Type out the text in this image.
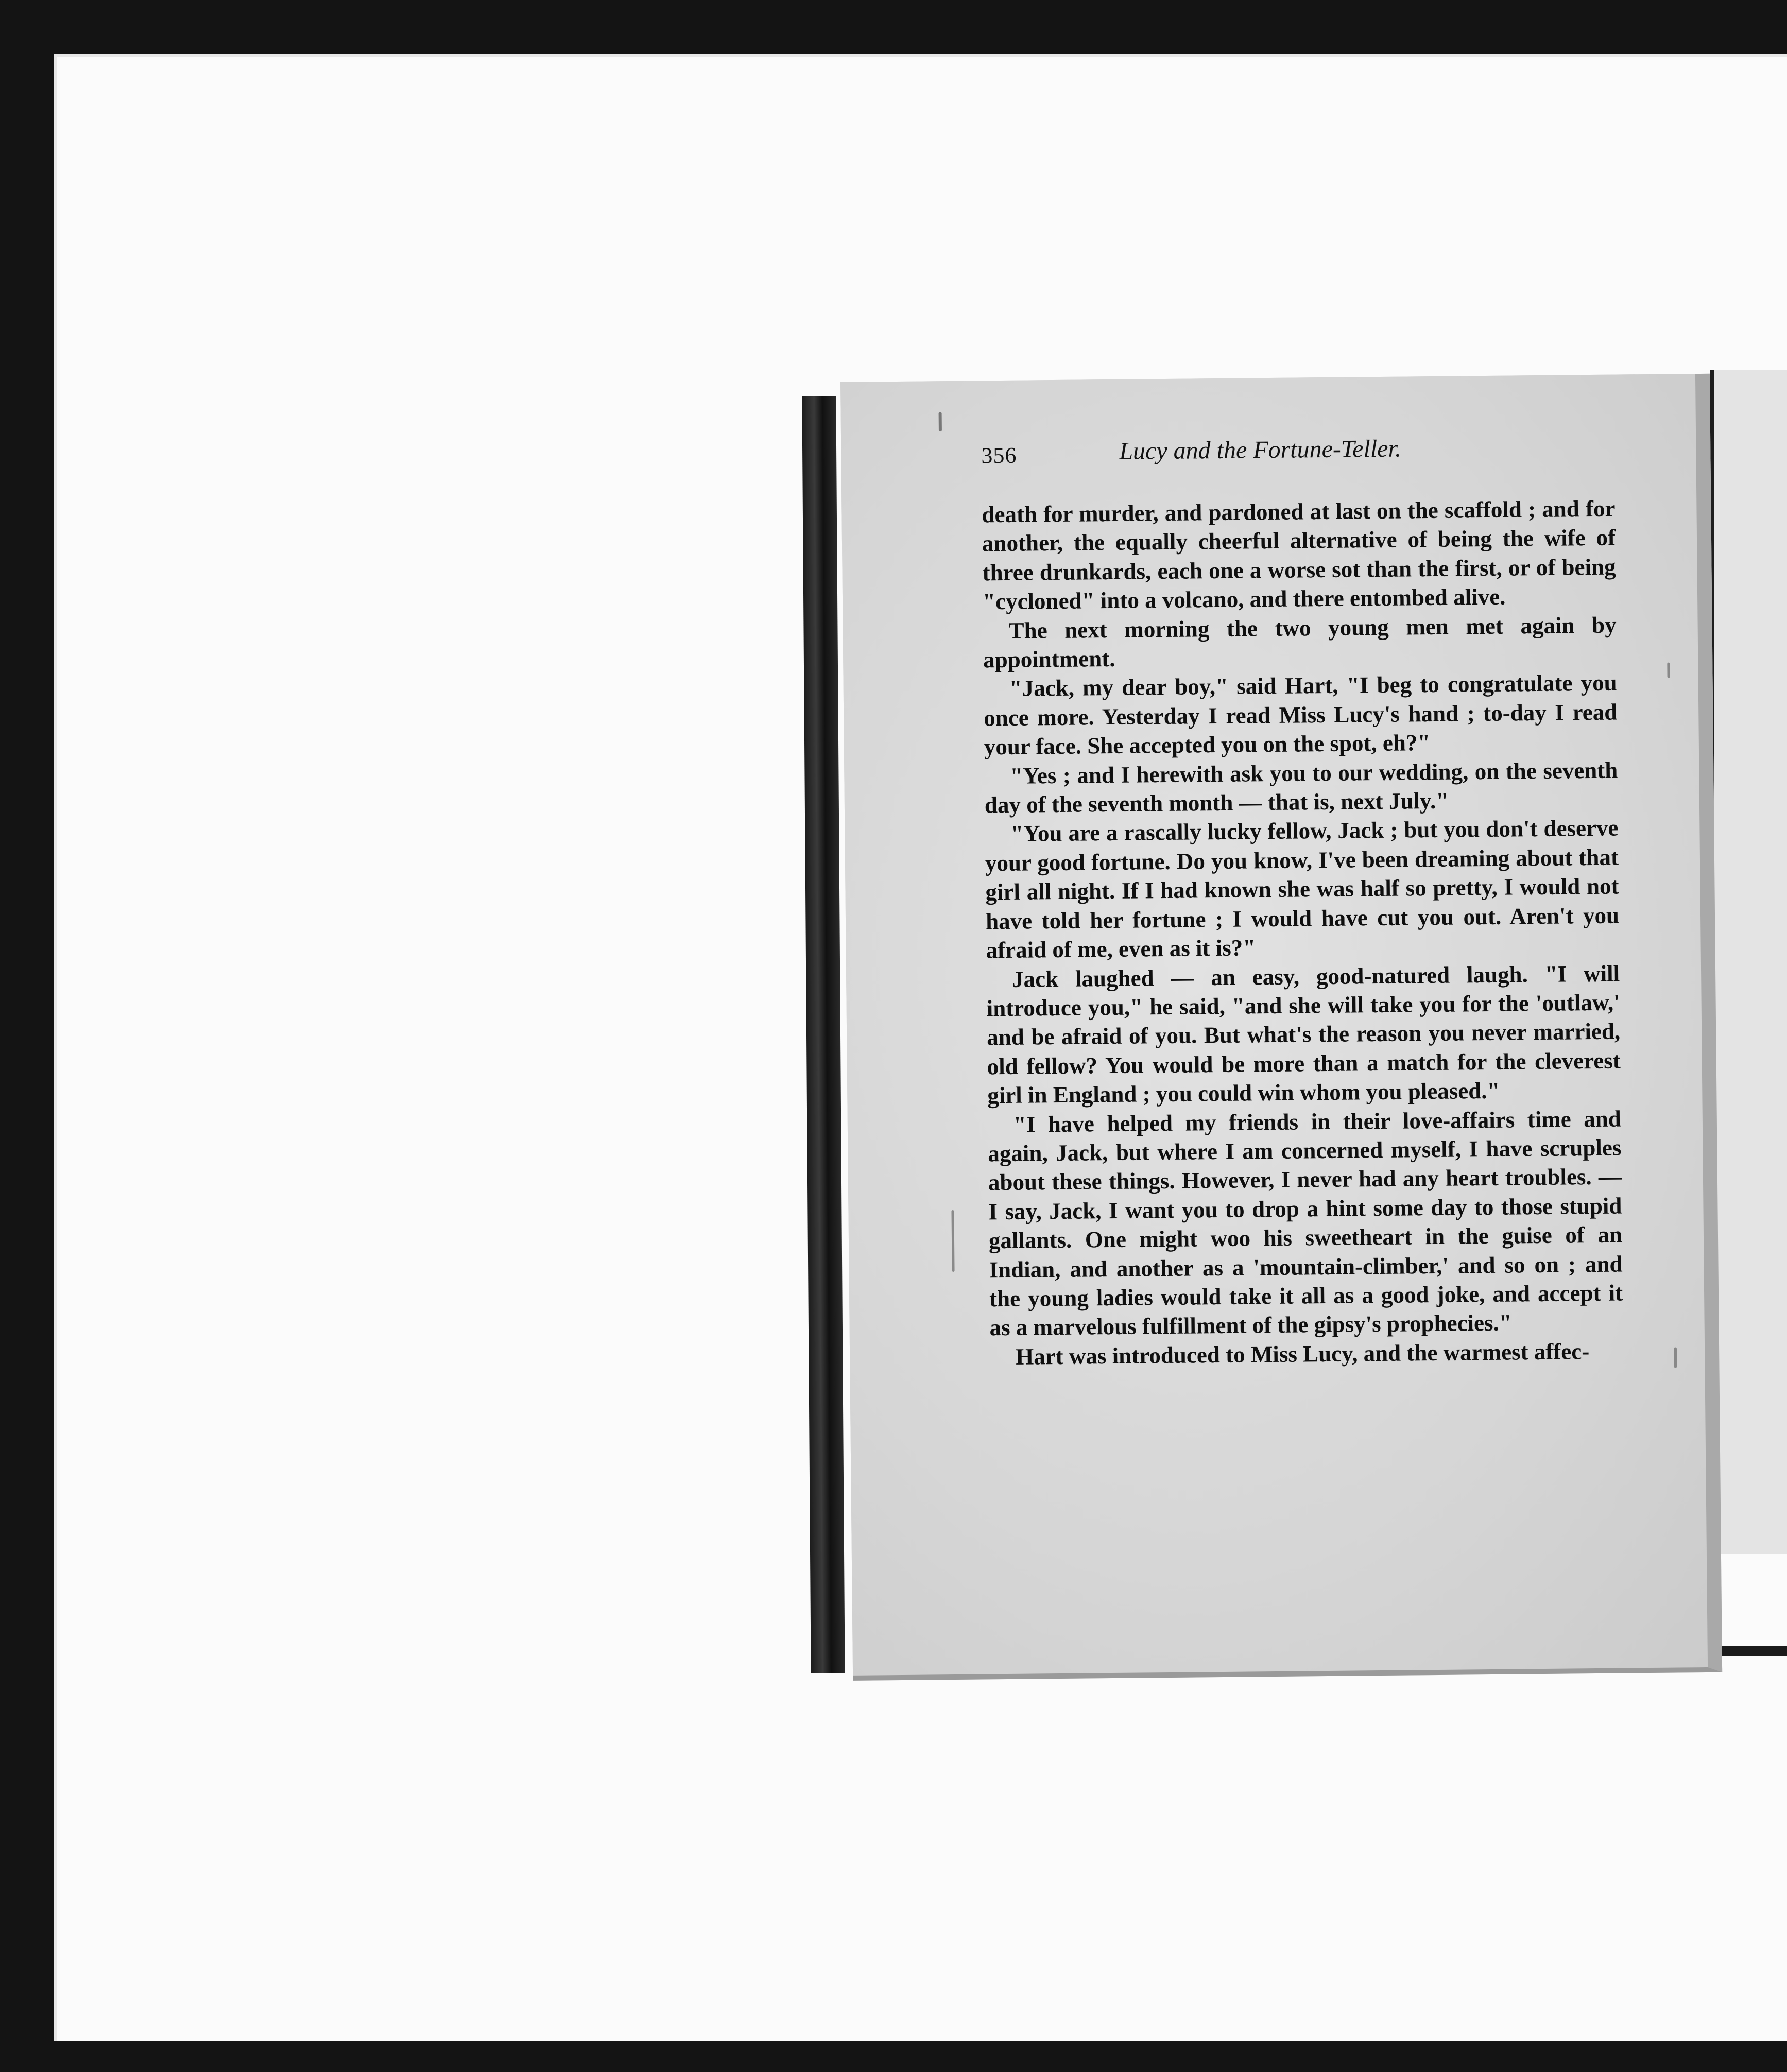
356	Lucy and the Fortune-Teller.

death for murder, and pardoned at last on the scaffold ; and for another, the equally cheerful alternative of being the wife of three drunkards, each one a worse sot than the first, or of being "cycloned" into a volcano, and there entombed alive.

The next morning the two young men met again by appointment.

"Jack, my dear boy," said Hart, "I beg to congratulate you once more. Yesterday I read Miss Lucy's hand ; to-day I read your face. She accepted you on the spot, eh?"

"Yes ; and I herewith ask you to our wedding, on the seventh day of the seventh month — that is, next July."

"You are a rascally lucky fellow, Jack ; but you don't deserve your good fortune. Do you know, I've been dreaming about that girl all night. If I had known she was half so pretty, I would not have told her fortune ; I would have cut you out. Aren't you afraid of me, even as it is?"

Jack laughed — an easy, good-natured laugh. "I will introduce you," he said, "and she will take you for the 'outlaw,' and be afraid of you. But what's the reason you never married, old fellow? You would be more than a match for the cleverest girl in England ; you could win whom you pleased."

"I have helped my friends in their love-affairs time and again, Jack, but where I am concerned myself, I have scruples about these things. However, I never had any heart troubles. — I say, Jack, I want you to drop a hint some day to those stupid gallants. One might woo his sweetheart in the guise of an Indian, and another as a 'mountain-climber,' and so on ; and the young ladies would take it all as a good joke, and accept it as a marvelous fulfillment of the gipsy's prophecies."

Hart was introduced to Miss Lucy, and the warmest affec-
